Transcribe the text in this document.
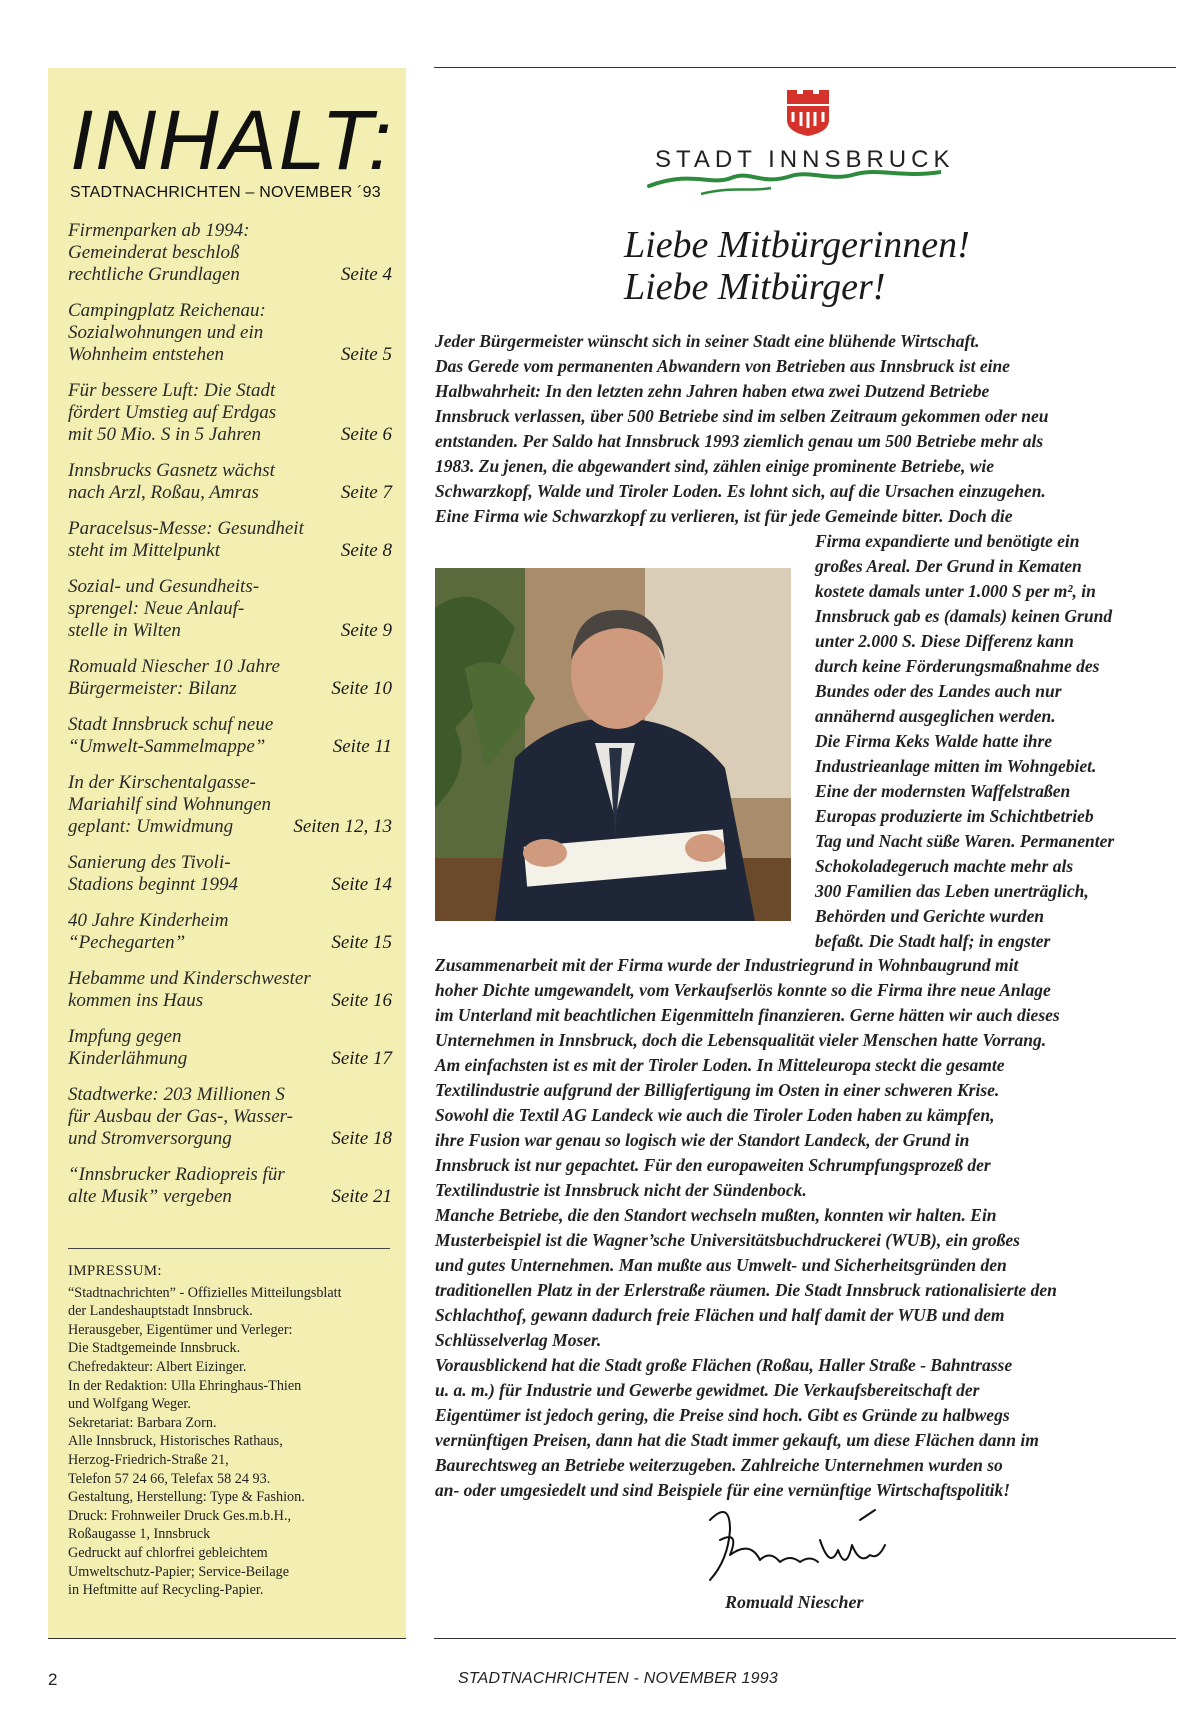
INHALT:
STADTNACHRICHTEN – NOVEMBER ´93
Firmenparken ab 1994:
Gemeinderat beschloß
rechtliche Grundlagen	Seite 4
Campingplatz Reichenau:
Sozialwohnungen und ein
Wohnheim entstehen	Seite 5
Für bessere Luft: Die Stadt
fördert Umstieg auf Erdgas
mit 50 Mio. S in 5 Jahren	Seite 6
Innsbrucks Gasnetz wächst
nach Arzl, Roßau, Amras	Seite 7
Paracelsus-Messe: Gesundheit
steht im Mittelpunkt	Seite 8
Sozial- und Gesundheits-
sprengel: Neue Anlauf-
stelle in Wilten	Seite 9
Romuald Niescher 10 Jahre
Bürgermeister: Bilanz	Seite 10
Stadt Innsbruck schuf neue
“Umwelt-Sammelmappe”	Seite 11
In der Kirschentalgasse-
Mariahilf sind Wohnungen
geplant: Umwidmung	Seiten 12, 13
Sanierung des Tivoli-
Stadions beginnt 1994	Seite 14
40 Jahre Kinderheim
“Pechegarten”	Seite 15
Hebamme und Kinderschwester
kommen ins Haus	Seite 16
Impfung gegen
Kinderlähmung	Seite 17
Stadtwerke: 203 Millionen S
für Ausbau der Gas-, Wasser-
und Stromversorgung	Seite 18
“Innsbrucker Radiopreis für
alte Musik” vergeben	Seite 21
IMPRESSUM:
“Stadtnachrichten” - Offizielles Mitteilungsblatt
der Landeshauptstadt Innsbruck.
Herausgeber, Eigentümer und Verleger:
Die Stadtgemeinde Innsbruck.
Chefredakteur: Albert Eizinger.
In der Redaktion: Ulla Ehringhaus-Thien
und Wolfgang Weger.
Sekretariat: Barbara Zorn.
Alle Innsbruck, Historisches Rathaus,
Herzog-Friedrich-Straße 21,
Telefon 57 24 66, Telefax 58 24 93.
Gestaltung, Herstellung: Type & Fashion.
Druck: Frohnweiler Druck Ges.m.b.H.,
Roßaugasse 1, Innsbruck
Gedruckt auf chlorfrei gebleichtem
Umweltschutz-Papier; Service-Beilage
in Heftmitte auf Recycling-Papier.
STADT INNSBRUCK
Liebe Mitbürgerinnen!
Liebe Mitbürger!
Jeder Bürgermeister wünscht sich in seiner Stadt eine blühende Wirtschaft.
Das Gerede vom permanenten Abwandern von Betrieben aus Innsbruck ist eine
Halbwahrheit: In den letzten zehn Jahren haben etwa zwei Dutzend Betriebe
Innsbruck verlassen, über 500 Betriebe sind im selben Zeitraum gekommen oder neu
entstanden. Per Saldo hat Innsbruck 1993 ziemlich genau um 500 Betriebe mehr als
1983. Zu jenen, die abgewandert sind, zählen einige prominente Betriebe, wie
Schwarzkopf, Walde und Tiroler Loden. Es lohnt sich, auf die Ursachen einzugehen.
Eine Firma wie Schwarzkopf zu verlieren, ist für jede Gemeinde bitter. Doch die
Firma expandierte und benötigte ein
großes Areal. Der Grund in Kematen
kostete damals unter 1.000 S per m², in
Innsbruck gab es (damals) keinen Grund
unter 2.000 S. Diese Differenz kann
durch keine Förderungsmaßnahme des
Bundes oder des Landes auch nur
annähernd ausgeglichen werden.
Die Firma Keks Walde hatte ihre
Industrieanlage mitten im Wohngebiet.
Eine der modernsten Waffelstraßen
Europas produzierte im Schichtbetrieb
Tag und Nacht süße Waren. Permanenter
Schokoladegeruch machte mehr als
300 Familien das Leben unerträglich,
Behörden und Gerichte wurden
befaßt. Die Stadt half; in engster
Zusammenarbeit mit der Firma wurde der Industriegrund in Wohnbaugrund mit
hoher Dichte umgewandelt, vom Verkaufserlös konnte so die Firma ihre neue Anlage
im Unterland mit beachtlichen Eigenmitteln finanzieren. Gerne hätten wir auch dieses
Unternehmen in Innsbruck, doch die Lebensqualität vieler Menschen hatte Vorrang.
Am einfachsten ist es mit der Tiroler Loden. In Mitteleuropa steckt die gesamte
Textilindustrie aufgrund der Billigfertigung im Osten in einer schweren Krise.
Sowohl die Textil AG Landeck wie auch die Tiroler Loden haben zu kämpfen,
ihre Fusion war genau so logisch wie der Standort Landeck, der Grund in
Innsbruck ist nur gepachtet. Für den europaweiten Schrumpfungsprozeß der
Textilindustrie ist Innsbruck nicht der Sündenbock.
Manche Betriebe, die den Standort wechseln mußten, konnten wir halten. Ein
Musterbeispiel ist die Wagner’sche Universitätsbuchdruckerei (WUB), ein großes
und gutes Unternehmen. Man mußte aus Umwelt- und Sicherheitsgründen den
traditionellen Platz in der Erlerstraße räumen. Die Stadt Innsbruck rationalisierte den
Schlachthof, gewann dadurch freie Flächen und half damit der WUB und dem
Schlüsselverlag Moser.
Vorausblickend hat die Stadt große Flächen (Roßau, Haller Straße - Bahntrasse
u. a. m.) für Industrie und Gewerbe gewidmet. Die Verkaufsbereitschaft der
Eigentümer ist jedoch gering, die Preise sind hoch. Gibt es Gründe zu halbwegs
vernünftigen Preisen, dann hat die Stadt immer gekauft, um diese Flächen dann im
Baurechtsweg an Betriebe weiterzugeben. Zahlreiche Unternehmen wurden so
an- oder umgesiedelt und sind Beispiele für eine vernünftige Wirtschaftspolitik!
Romuald Niescher
2	STADTNACHRICHTEN - NOVEMBER 1993
